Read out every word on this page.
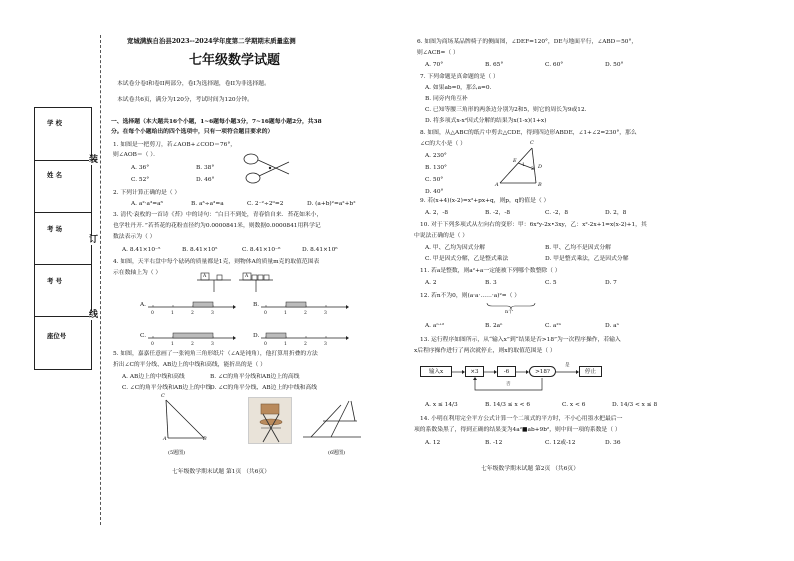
学 校
姓 名
考 场
考 号
座位号
装
订
线
宽城满族自治县2023--2024学年度第二学期期末质量监测
七年级数学试题
本试卷分卷I和卷II两部分，卷I为选择题，卷II为非选择题。
本试卷共6页，满分为120分，考试时间为120分钟。
一、选择题（本大题共16个小题，1~6题每小题3分，7~16题每小题2分，共38
分。在每个小题给出的四个选项中，只有一项符合题目要求的）
1. 如图是一把剪刀，若∠AOB+∠COD＝76°，
则∠AOB＝（ ）．
A. 36°	B. 38°
C. 52°	D. 46°
2. 下列计算正确的是（ ）
A. a²·a³=a⁶	B. a³÷a³=a	C. 2⁻²÷2⁰=2	D. (a+b)²=a²+b²
3. 清代·袁枚的一首诗《苔》中的诗句：“白日不到处，青春恰自来．苔花如米小，
也学牡丹开．”若苔花的花粉直径约为0.0000841米，则数据0.0000841用科学记
数法表示为（ ）
A. 8.41×10⁻⁵	B. 8.41×10⁵	C. 8.41×10⁻⁶	D. 8.41×10⁶
4. 如图，天平右盘中每个砝码的质量都是1克，则物体A的质量m克的取值范围表
示在数轴上为（ ）
A	A
A.	B.
C.	D.
0	1	2	3	0	1	2	3
0	1	2	3	0	1	2	3
5. 如图，嘉嘉任意画了一张钝角三角形纸片（∠A是钝角），他打算用折叠的方法
折出∠C的平分线、AB边上的中线和高线，能折出的是（ ）
A. AB边上的中线和高线	B. ∠C的角平分线和AB边上的高线
C. ∠C的角平分线和AB边上的中线
D. ∠C的角平分线、AB边上的中线和高线
C
A	B
(5题图)	(6题图)
七年级数学期末试题 第1页 （共6页）
6. 如图为商场某品牌椅子的侧面图，∠DEF=120°，DE与地面平行，∠ABD＝50°，
则∠ACB=（ ）
A. 70°	B. 65°	C. 60°	D. 50°
7. 下列命题是真命题的是（ ）
A. 如果ab=0，那么a=0.
B. 同旁内角互补
C. 已知等腰三角形的两条边分别为2和5，则它的周长为9或12.
D. 将多项式x-x²因式分解的结果为x(1-x)(1+x)
8. 如图，从△ABC的纸片中剪去△CDE，得到四边形ABDE，∠1+∠2=230°，那么
∠C的大小是（ ）
A. 230°
B. 130°
C. 50°
D. 40°
C
E
1
2 D
A	B
9. 若(x+4)(x-2)=x²+px+q，则p，q的值是（ ）
A. 2，-8	B. -2，-8	C. -2，8	D. 2，8
10. 对于下列多项式从左向右的变形：甲：6x²y-2x•3xy，乙：x²-2x+1=x(x-2)+1，其
中说法正确的是（ ）
A. 甲、乙均为因式分解	B. 甲、乙均不是因式分解
C. 甲是因式分解，乙是整式乘法	D. 甲是整式乘法，乙是因式分解
11. 若a是整数，则a²+a一定能被下列哪个数整除（ ）
A. 2	B. 3	C. 5	D. 7
12. 若n不为0，则(a·a·……·a)²=（ ）
n个
A. aⁿ⁺²	B. 2aⁿ	C. a²ⁿ	D. aⁿ
13. 运行程序如图所示，从“输入x”到“结果是否>18”为一次程序操作，若输入
x后程序操作进行了两次就停止，则x的取值范围是（ ）
输入x	×3	-6	>18?
是
停止
否
A. x ≤ 14/3	B. 14/3 ≤ x < 6	C. x < 6	D. 14/3 < x ≤ 8
14. 小明在利用完全平方公式计算一个二项式的平方时，不小心用墨水把最后一
项的系数染黑了，得到正确的结果变为4a²■ab+9b²，则中间一项的系数是（ ）
A. 12	B. -12	C. 12或-12	D. 36
七年级数学期末试题 第2页 （共6页）
